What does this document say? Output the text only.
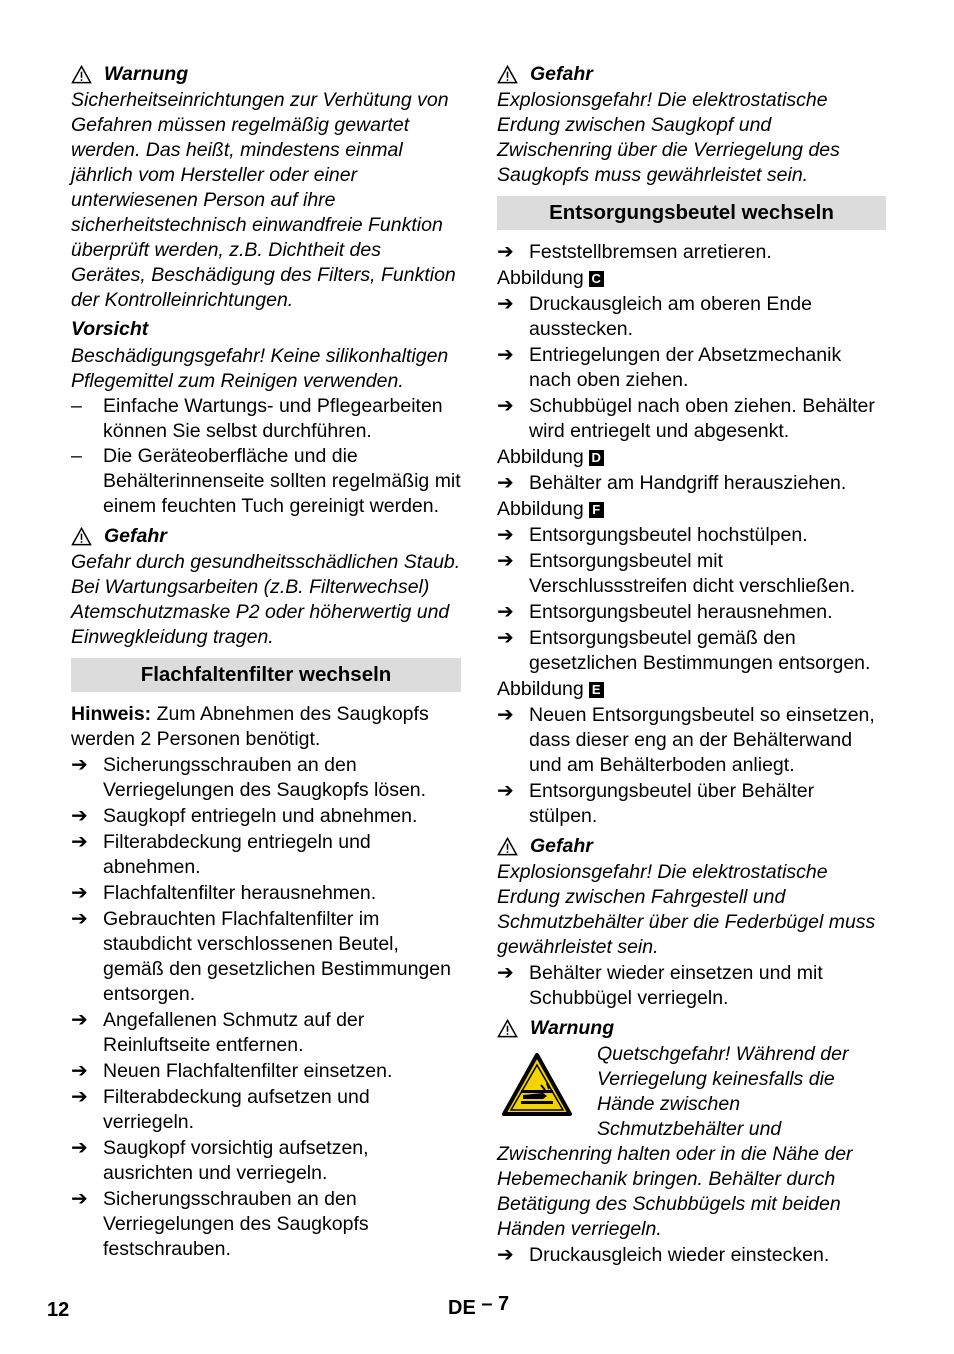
Warnung
Sicherheitseinrichtungen zur Verhütung von Gefahren müssen regelmäßig gewartet werden. Das heißt, mindestens einmal jährlich vom Hersteller oder einer unterwiesenen Person auf ihre sicherheitstechnisch einwandfreie Funktion überprüft werden, z.B. Dichtheit des Gerätes, Beschädigung des Filters, Funktion der Kontrolleinrichtungen.
Vorsicht
Beschädigungsgefahr! Keine silikonhaltigen Pflegemittel zum Reinigen verwenden.
–	Einfache Wartungs- und Pflegearbeiten können Sie selbst durchführen.
–	Die Geräteoberfläche und die Behälterinnenseite sollten regelmäßig mit einem feuchten Tuch gereinigt werden.
Gefahr
Gefahr durch gesundheitsschädlichen Staub. Bei Wartungsarbeiten (z.B. Filterwechsel) Atemschutzmaske P2 oder höherwertig und Einwegkleidung tragen.
Flachfaltenfilter wechseln
Hinweis: Zum Abnehmen des Saugkopfs werden 2 Personen benötigt.
➔ Sicherungsschrauben an den Verriegelungen des Saugkopfs lösen.
➔ Saugkopf entriegeln und abnehmen.
➔ Filterabdeckung entriegeln und abnehmen.
➔ Flachfaltenfilter herausnehmen.
➔ Gebrauchten Flachfaltenfilter im staubdicht verschlossenen Beutel, gemäß den gesetzlichen Bestimmungen entsorgen.
➔ Angefallenen Schmutz auf der Reinluftseite entfernen.
➔ Neuen Flachfaltenfilter einsetzen.
➔ Filterabdeckung aufsetzen und verriegeln.
➔ Saugkopf vorsichtig aufsetzen, ausrichten und verriegeln.
➔ Sicherungsschrauben an den Verriegelungen des Saugkopfs festschrauben.
Gefahr
Explosionsgefahr! Die elektrostatische Erdung zwischen Saugkopf und Zwischenring über die Verriegelung des Saugkopfs muss gewährleistet sein.
Entsorgungsbeutel wechseln
➔ Feststellbremsen arretieren.
Abbildung C
➔ Druckausgleich am oberen Ende ausstecken.
➔ Entriegelungen der Absetzmechanik nach oben ziehen.
➔ Schubbügel nach oben ziehen. Behälter wird entriegelt und abgesenkt.
Abbildung D
➔ Behälter am Handgriff herausziehen.
Abbildung F
➔ Entsorgungsbeutel hochstülpen.
➔ Entsorgungsbeutel mit Verschlussstreifen dicht verschließen.
➔ Entsorgungsbeutel herausnehmen.
➔ Entsorgungsbeutel gemäß den gesetzlichen Bestimmungen entsorgen.
Abbildung E
➔ Neuen Entsorgungsbeutel so einsetzen, dass dieser eng an der Behälterwand und am Behälterboden anliegt.
➔ Entsorgungsbeutel über Behälter stülpen.
Gefahr
Explosionsgefahr! Die elektrostatische Erdung zwischen Fahrgestell und Schmutzbehälter über die Federbügel muss gewährleistet sein.
➔ Behälter wieder einsetzen und mit Schubbügel verriegeln.
Warnung
Quetschgefahr! Während der Verriegelung keinesfalls die Hände zwischen Schmutzbehälter und Zwischenring halten oder in die Nähe der Hebemechanik bringen. Behälter durch Betätigung des Schubbügels mit beiden Händen verriegeln.
➔ Druckausgleich wieder einstecken.
12	DE – 7
